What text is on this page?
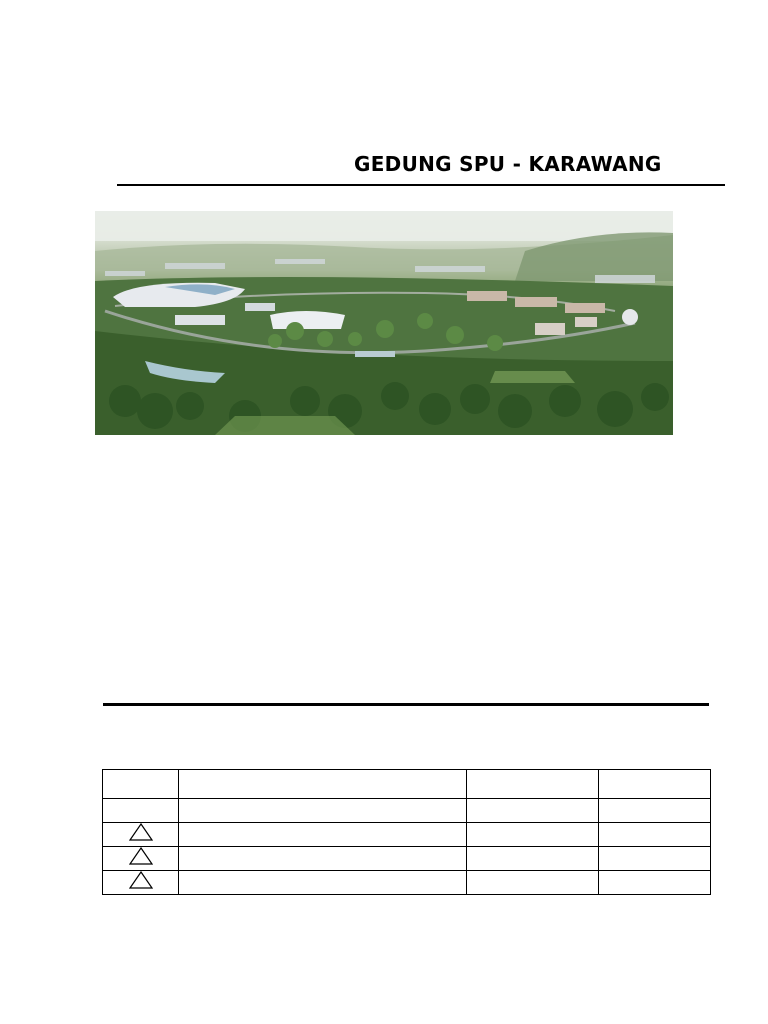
GEDUNG SPU - KARAWANG
